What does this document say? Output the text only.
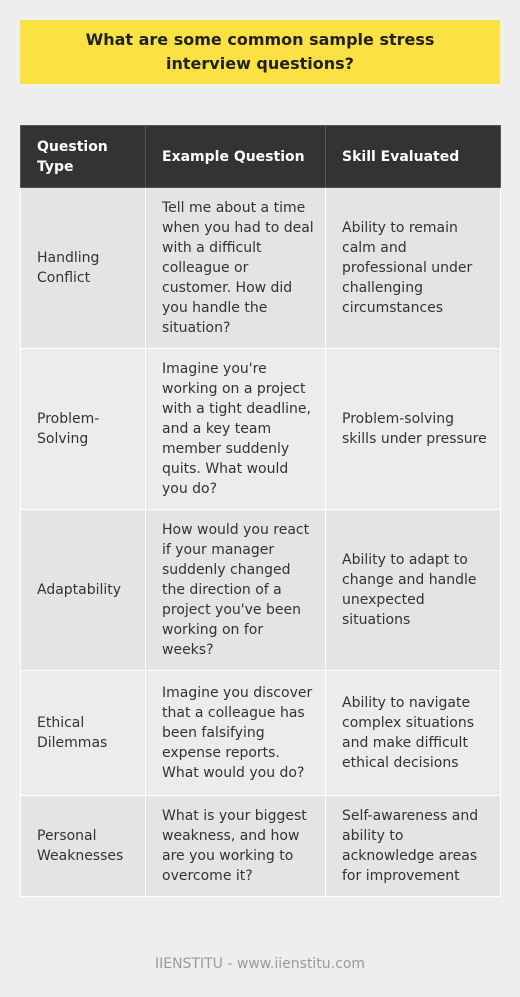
What are some common sample stress interview questions?
Question Type	Example Question	Skill Evaluated
Handling Conflict	Tell me about a time when you had to deal with a difficult colleague or customer. How did you handle the situation?	Ability to remain calm and professional under challenging circumstances
Problem-Solving	Imagine you're working on a project with a tight deadline, and a key team member suddenly quits. What would you do?	Problem-solving skills under pressure
Adaptability	How would you react if your manager suddenly changed the direction of a project you've been working on for weeks?	Ability to adapt to change and handle unexpected situations
Ethical Dilemmas	Imagine you discover that a colleague has been falsifying expense reports. What would you do?	Ability to navigate complex situations and make difficult ethical decisions
Personal Weaknesses	What is your biggest weakness, and how are you working to overcome it?	Self-awareness and ability to acknowledge areas for improvement
IIENSTITU - www.iienstitu.com
